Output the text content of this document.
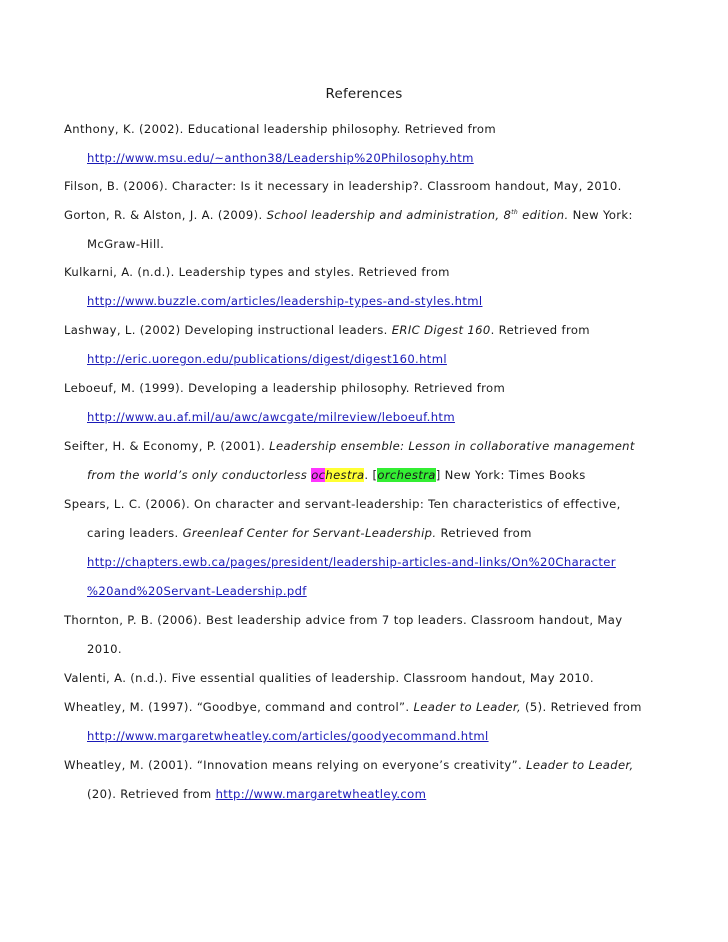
References
Anthony, K. (2002). Educational leadership philosophy. Retrieved from
http://www.msu.edu/~anthon38/Leadership%20Philosophy.htm
Filson, B. (2006). Character: Is it necessary in leadership?. Classroom handout, May, 2010.
Gorton, R. & Alston, J. A. (2009). School leadership and administration, 8th edition. New York:
McGraw-Hill.
Kulkarni, A. (n.d.). Leadership types and styles. Retrieved from
http://www.buzzle.com/articles/leadership-types-and-styles.html
Lashway, L. (2002) Developing instructional leaders. ERIC Digest 160. Retrieved from
http://eric.uoregon.edu/publications/digest/digest160.html
Leboeuf, M. (1999). Developing a leadership philosophy. Retrieved from
http://www.au.af.mil/au/awc/awcgate/milreview/leboeuf.htm
Seifter, H. & Economy, P. (2001). Leadership ensemble: Lesson in collaborative management
from the world’s only conductorless ochestra. [orchestra] New York: Times Books
Spears, L. C. (2006). On character and servant-leadership: Ten characteristics of effective,
caring leaders. Greenleaf Center for Servant-Leadership. Retrieved from
http://chapters.ewb.ca/pages/president/leadership-articles-and-links/On%20Character
%20and%20Servant-Leadership.pdf
Thornton, P. B. (2006). Best leadership advice from 7 top leaders. Classroom handout, May
2010.
Valenti, A. (n.d.). Five essential qualities of leadership. Classroom handout, May 2010.
Wheatley, M. (1997). “Goodbye, command and control”. Leader to Leader, (5). Retrieved from
http://www.margaretwheatley.com/articles/goodyecommand.html
Wheatley, M. (2001). “Innovation means relying on everyone’s creativity”. Leader to Leader,
(20). Retrieved from http://www.margaretwheatley.com
